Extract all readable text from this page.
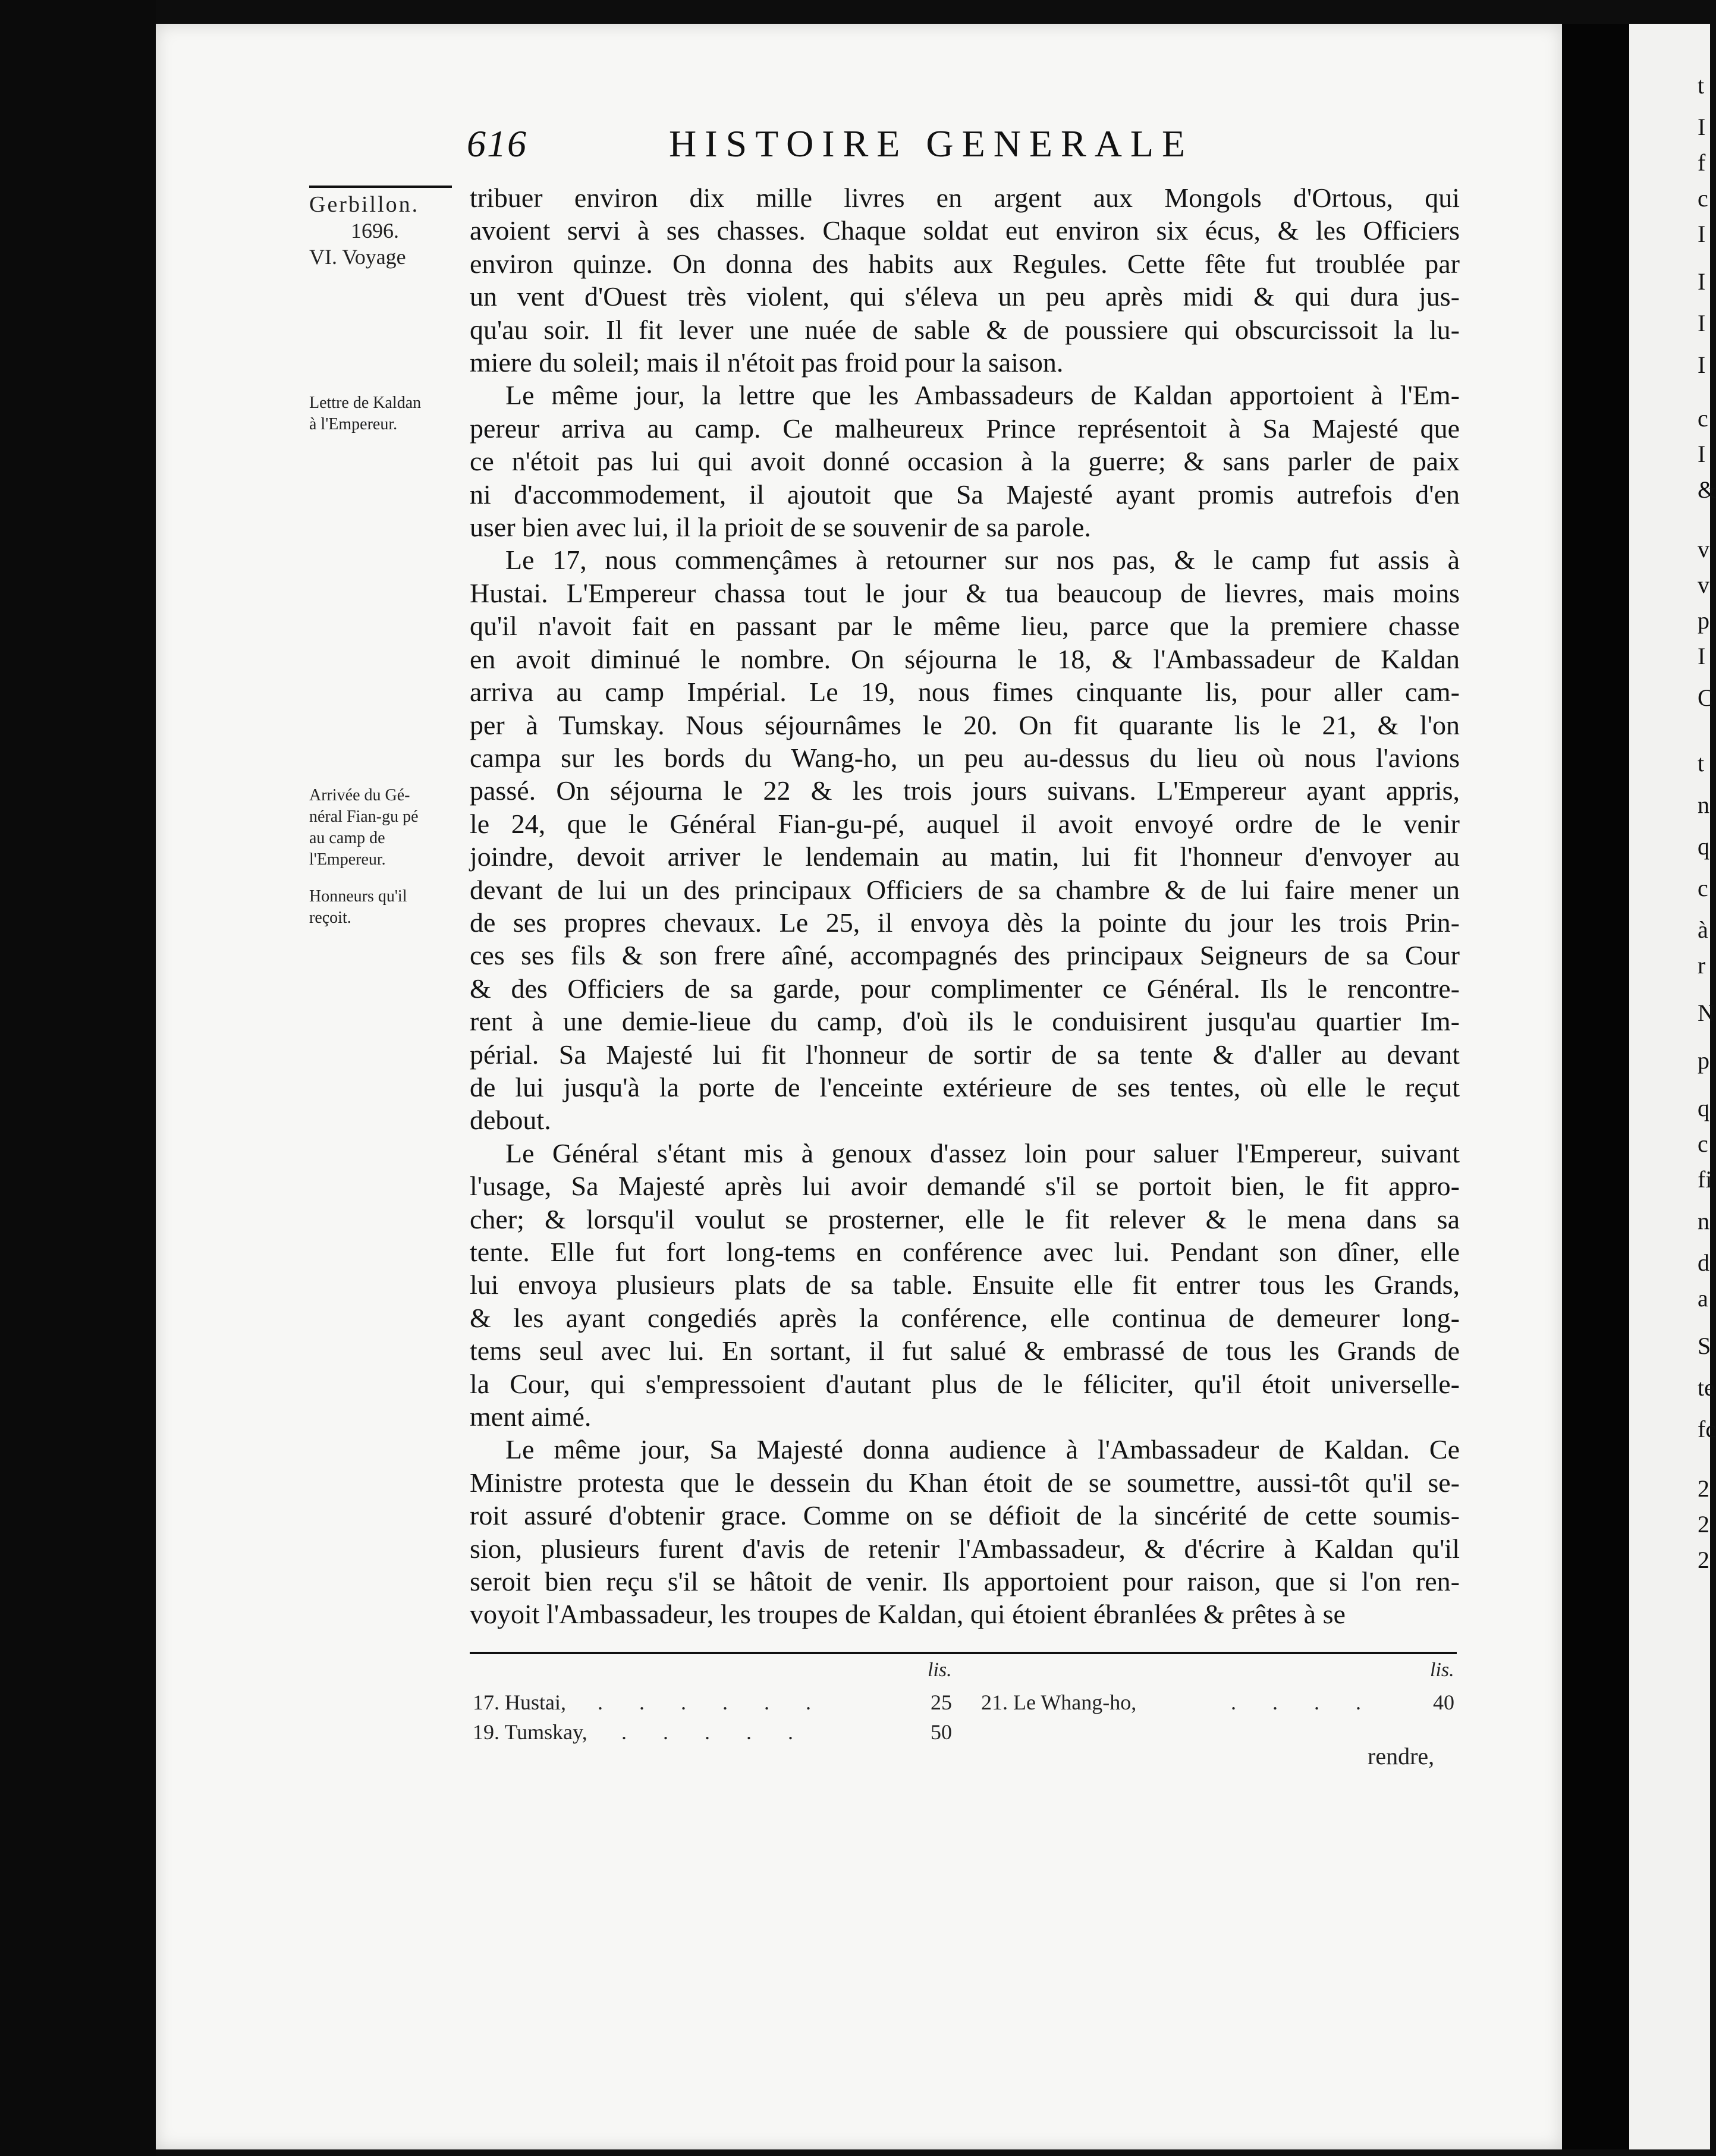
616	HISTOIRE GENERALE
Gerbillon.
1696.
VI. Voyage
Lettre de Kaldan
à l'Empereur.
Arrivée du Gé-
néral Fian-gu pé
au camp de
l'Empereur.
Honneurs qu'il
reçoit.
tribuer environ dix mille livres en argent aux Mongols d'Ortous, qui
avoient servi à ses chasses. Chaque soldat eut environ six écus, & les Officiers
environ quinze. On donna des habits aux Regules. Cette fête fut troublée par
un vent d'Ouest très violent, qui s'éleva un peu après midi & qui dura jus-
qu'au soir. Il fit lever une nuée de sable & de poussiere qui obscurcissoit la lu-
miere du soleil; mais il n'étoit pas froid pour la saison.
Le même jour, la lettre que les Ambassadeurs de Kaldan apportoient à l'Em-
pereur arriva au camp. Ce malheureux Prince représentoit à Sa Majesté que
ce n'étoit pas lui qui avoit donné occasion à la guerre; & sans parler de paix
ni d'accommodement, il ajoutoit que Sa Majesté ayant promis autrefois d'en
user bien avec lui, il la prioit de se souvenir de sa parole.
Le 17, nous commençâmes à retourner sur nos pas, & le camp fut assis à
Hustai. L'Empereur chassa tout le jour & tua beaucoup de lievres, mais moins
qu'il n'avoit fait en passant par le même lieu, parce que la premiere chasse
en avoit diminué le nombre. On séjourna le 18, & l'Ambassadeur de Kaldan
arriva au camp Impérial. Le 19, nous fimes cinquante lis, pour aller cam-
per à Tumskay. Nous séjournâmes le 20. On fit quarante lis le 21, & l'on
campa sur les bords du Wang-ho, un peu au-dessus du lieu où nous l'avions
passé. On séjourna le 22 & les trois jours suivans. L'Empereur ayant appris,
le 24, que le Général Fian-gu-pé, auquel il avoit envoyé ordre de le venir
joindre, devoit arriver le lendemain au matin, lui fit l'honneur d'envoyer au
devant de lui un des principaux Officiers de sa chambre & de lui faire mener un
de ses propres chevaux. Le 25, il envoya dès la pointe du jour les trois Prin-
ces ses fils & son frere aîné, accompagnés des principaux Seigneurs de sa Cour
& des Officiers de sa garde, pour complimenter ce Général. Ils le rencontre-
rent à une demie-lieue du camp, d'où ils le conduisirent jusqu'au quartier Im-
périal. Sa Majesté lui fit l'honneur de sortir de sa tente & d'aller au devant
de lui jusqu'à la porte de l'enceinte extérieure de ses tentes, où elle le reçut
debout.
Le Général s'étant mis à genoux d'assez loin pour saluer l'Empereur, suivant
l'usage, Sa Majesté après lui avoir demandé s'il se portoit bien, le fit appro-
cher; & lorsqu'il voulut se prosterner, elle le fit relever & le mena dans sa
tente. Elle fut fort long-tems en conférence avec lui. Pendant son dîner, elle
lui envoya plusieurs plats de sa table. Ensuite elle fit entrer tous les Grands,
& les ayant congediés après la conférence, elle continua de demeurer long-
tems seul avec lui. En sortant, il fut salué & embrassé de tous les Grands de
la Cour, qui s'empressoient d'autant plus de le féliciter, qu'il étoit universelle-
ment aimé.
Le même jour, Sa Majesté donna audience à l'Ambassadeur de Kaldan. Ce
Ministre protesta que le dessein du Khan étoit de se soumettre, aussi-tôt qu'il se-
roit assuré d'obtenir grace. Comme on se défioit de la sincérité de cette soumis-
sion, plusieurs furent d'avis de retenir l'Ambassadeur, & d'écrire à Kaldan qu'il
seroit bien reçu s'il se hâtoit de venir. Ils apportoient pour raison, que si l'on ren-
voyoit l'Ambassadeur, les troupes de Kaldan, qui étoient ébranlées & prêtes à se
lis.	lis.
17. Hustai, . . . . . .	25
19. Tumskay, . . . . .	50
21. Le Whang-ho,	. . . .	40
rendre,
t
I
f
c
I
I
I
I
c
I
&
v
v
p
I
C
t
n
q
c
à
r
N
p
q
c
fi
n
d
a
S
te
fc
2
2
2
